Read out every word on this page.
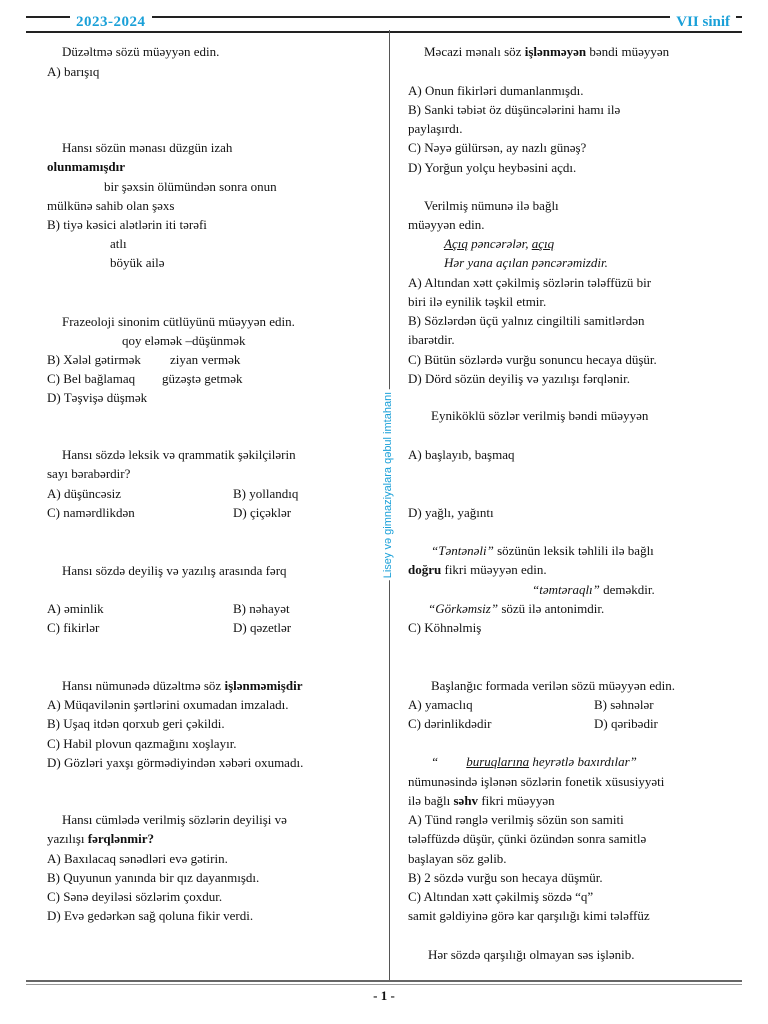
2023-2024	VII sinif
Lisey və gimnaziyalara qəbul imtahanı
Düzəltmə sözü müəyyən edin.
A) barışıq
Hansı sözün mənası düzgün izah
olunmamışdır
bir şəxsin ölümündən sonra onun
mülkünə sahib olan şəxs
B) tiyə kəsici alətlərin iti tərəfi
atlı
böyük ailə
Frazeoloji sinonim cütlüyünü müəyyən edin.
qoy eləmək –düşünmək
B) Xələl gətirmək ziyan vermək
C) Bel bağlamaq güzəştə getmək
D) Təşvişə düşmək
Hansı sözdə leksik və qrammatik şəkilçilərin
sayı bərabərdir?
A) düşüncəsiz	B) yollandıq
C) namərdlikdən	D) çiçəklər
Hansı sözdə deyiliş və yazılış arasında fərq
A) əminlik	B) nəhayət
C) fikirlər	D) qəzetlər
Hansı nümunədə düzəltmə söz işlənməmişdir
A) Müqavilənin şərtlərini oxumadan imzaladı.
B) Uşaq itdən qorxub geri çəkildi.
C) Habil plovun qazmağını xoşlayır.
D) Gözləri yaxşı görmədiyindən xəbəri oxumadı.
Hansı cümlədə verilmiş sözlərin deyilişi və
yazılışı fərqlənmir?
A) Baxılacaq sənədləri evə gətirin.
B) Quyunun yanında bir qız dayanmışdı.
C) Sənə deyiləsi sözlərim çoxdur.
D) Evə gedərkən sağ qoluna fikir verdi.
Məcazi mənalı söz işlənməyən bəndi müəyyən
A) Onun fikirləri dumanlanmışdı.
B) Sanki təbiət öz düşüncələrini hamı ilə
paylaşırdı.
C) Nəyə gülürsən, ay nazlı günəş?
D) Yorğun yolçu heybəsini açdı.
Verilmiş nümunə ilə bağlı
müəyyən edin.
Açıq pəncərələr, açıq
Hər yana açılan pəncərəmizdir.
A) Altından xətt çəkilmiş sözlərin tələffüzü bir
biri ilə eynilik təşkil etmir.
B) Sözlərdən üçü yalnız cingiltili samitlərdən
ibarətdir.
C) Bütün sözlərdə vurğu sonuncu hecaya düşür.
D) Dörd sözün deyiliş və yazılışı fərqlənir.
Eyniköklü sözlər verilmiş bəndi müəyyən
A) başlayıb, başmaq
D) yağlı, yağıntı
“Təntənəli” sözünün leksik təhlili ilə bağlı
doğru fikri müəyyən edin.
“təmtəraqlı” deməkdir.
“Görkəmsiz” sözü ilə antonimdir.
C) Köhnəlmiş
Başlanğıc formada verilən sözü müəyyən edin.
A) yamaclıq	B) səhnələr
C) dərinlikdədir	D) qəribədir
“ buruqlarına heyrətlə baxırdılar”
nümunəsində işlənən sözlərin fonetik xüsusiyyəti
ilə bağlı səhv fikri müəyyən
A) Tünd rənglə verilmiş sözün son samiti
tələffüzdə düşür, çünki özündən sonra samitlə
başlayan söz gəlib.
B) 2 sözdə vurğu son hecaya düşmür.
C) Altından xətt çəkilmiş sözdə “q”
samit gəldiyinə görə kar qarşılığı kimi tələffüz
Hər sözdə qarşılığı olmayan səs işlənib.
- 1 -
